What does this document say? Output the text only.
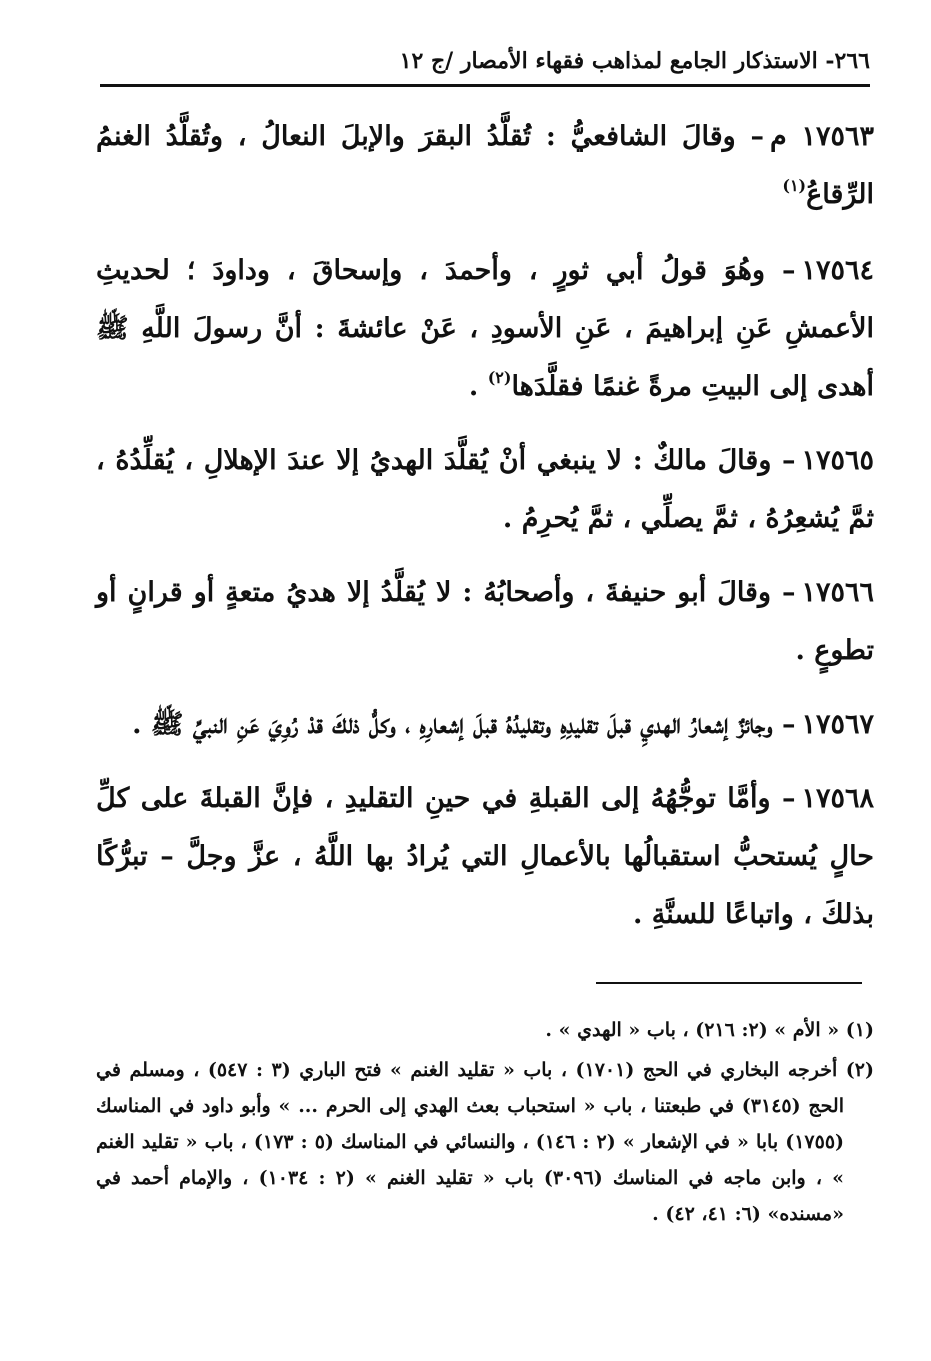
٢٦٦- الاستذكار الجامع لمذاهب فقهاء الأمصار /ج ١٢

١٧٥٦٣ م– وقالَ الشافعيُّ : تُقلَّدُ البقرَ والإبلَ النعالُ ، وتُقلَّدُ الغنمُ الرِّقاعُ$^{(١)}$

١٧٥٦٤– وهُوَ قولُ أبي ثورٍ ، وأحمدَ ، وإسحاقَ ، وداودَ ؛ لحديثِ الأعمشِ عَنِ إبراهيمَ ، عَنِ الأسودِ ، عَنْ عائشةَ : أنَّ رسولَ اللَّهِ ﷺ أهدى إلى البيتِ مرةً غنمًا فقلَّدَها$^{(٢)}$ .

١٧٥٦٥– وقالَ مالكٌ : لا ينبغي أنْ يُقلَّدَ الهديُ إلا عندَ الإهلالِ ، يُقلِّدُهُ ، ثمَّ يُشعِرُهُ ، ثمَّ يصلِّي ، ثمَّ يُحرِمُ .

١٧٥٦٦– وقالَ أبو حنيفةَ ، وأصحابُهُ : لا يُقلَّدُ إلا هديُ متعةٍ أو قرانٍ أو تطوعٍ .

١٧٥٦٧– وجائزٌ إشعارُ الهديِ قبلَ تقليدِهِ وتقليدُهُ قبلَ إشعارِهِ ، وكلُّ ذلكَ قدْ رُوِيَ عَنِ النبيِّ ﷺ .

١٧٥٦٨– وأمَّا توجُّهُهُ إلى القبلةِ في حينِ التقليدِ ، فإنَّ القبلةَ على كلِّ حالٍ يُستحبُّ استقبالُها بالأعمالِ التي يُرادُ بها اللَّهُ ، عزَّ وجلَّ – تبرُّكًا بذلكَ ، واتباعًا للسنَّةِ .

(١) « الأم » (٢: ٢١٦) ، باب « الهدي » .

(٢) أخرجه البخاري في الحج (١٧٠١) ، باب « تقليد الغنم » فتح الباري (٣ : ٥٤٧) ، ومسلم في الحج (٣١٤٥) في طبعتنا ، باب « استحباب بعث الهدي إلى الحرم ... » وأبو داود في المناسك (١٧٥٥) بابا « في الإشعار » (٢ : ١٤٦) ، والنسائي في المناسك (٥ : ١٧٣) ، باب « تقليد الغنم » ، وابن ماجه في المناسك (٣٠٩٦) باب « تقليد الغنم » (٢ : ١٠٣٤) ، والإمام أحمد في «مسنده» (٦: ٤١، ٤٢) .
